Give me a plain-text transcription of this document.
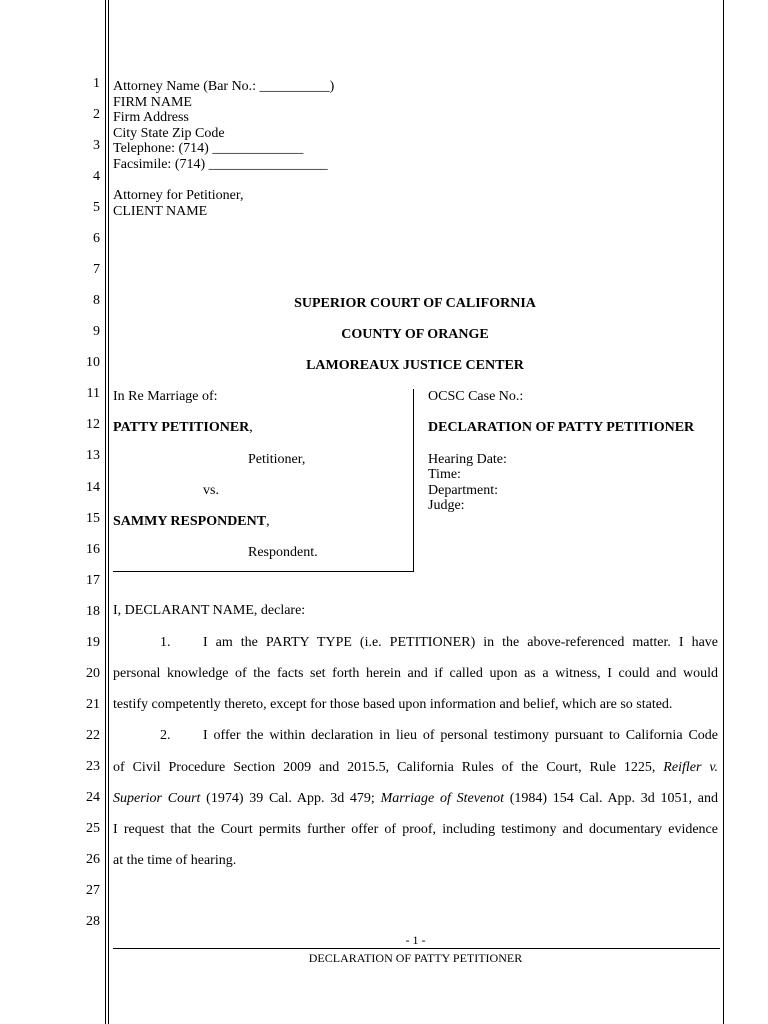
1
2
3
4
5
6
7
8
9
10
11
12
13
14
15
16
17
18
19
20
21
22
23
24
25
26
27
28
Attorney Name (Bar No.: __________)
FIRM NAME
Firm Address
City State Zip Code
Telephone: (714) _____________
Facsimile: (714) _________________
Attorney for Petitioner,
CLIENT NAME
SUPERIOR COURT OF CALIFORNIA
COUNTY OF ORANGE
LAMOREAUX JUSTICE CENTER
In Re Marriage of:
PATTY PETITIONER,
Petitioner,
vs.
SAMMY RESPONDENT,
Respondent.
OCSC Case No.:
DECLARATION OF PATTY PETITIONER
Hearing Date:
Time:
Department:
Judge:
I, DECLARANT NAME, declare:
1. I am the PARTY TYPE (i.e. PETITIONER) in the above-referenced matter. I have
personal knowledge of the facts set forth herein and if called upon as a witness, I could and would
testify competently thereto, except for those based upon information and belief, which are so stated.
2. I offer the within declaration in lieu of personal testimony pursuant to California Code
of Civil Procedure Section 2009 and 2015.5, California Rules of the Court, Rule 1225, Reifler v.
Superior Court (1974) 39 Cal. App. 3d 479; Marriage of Stevenot (1984) 154 Cal. App. 3d 1051, and
I request that the Court permits further offer of proof, including testimony and documentary evidence
at the time of hearing.
- 1 -
DECLARATION OF PATTY PETITIONER
